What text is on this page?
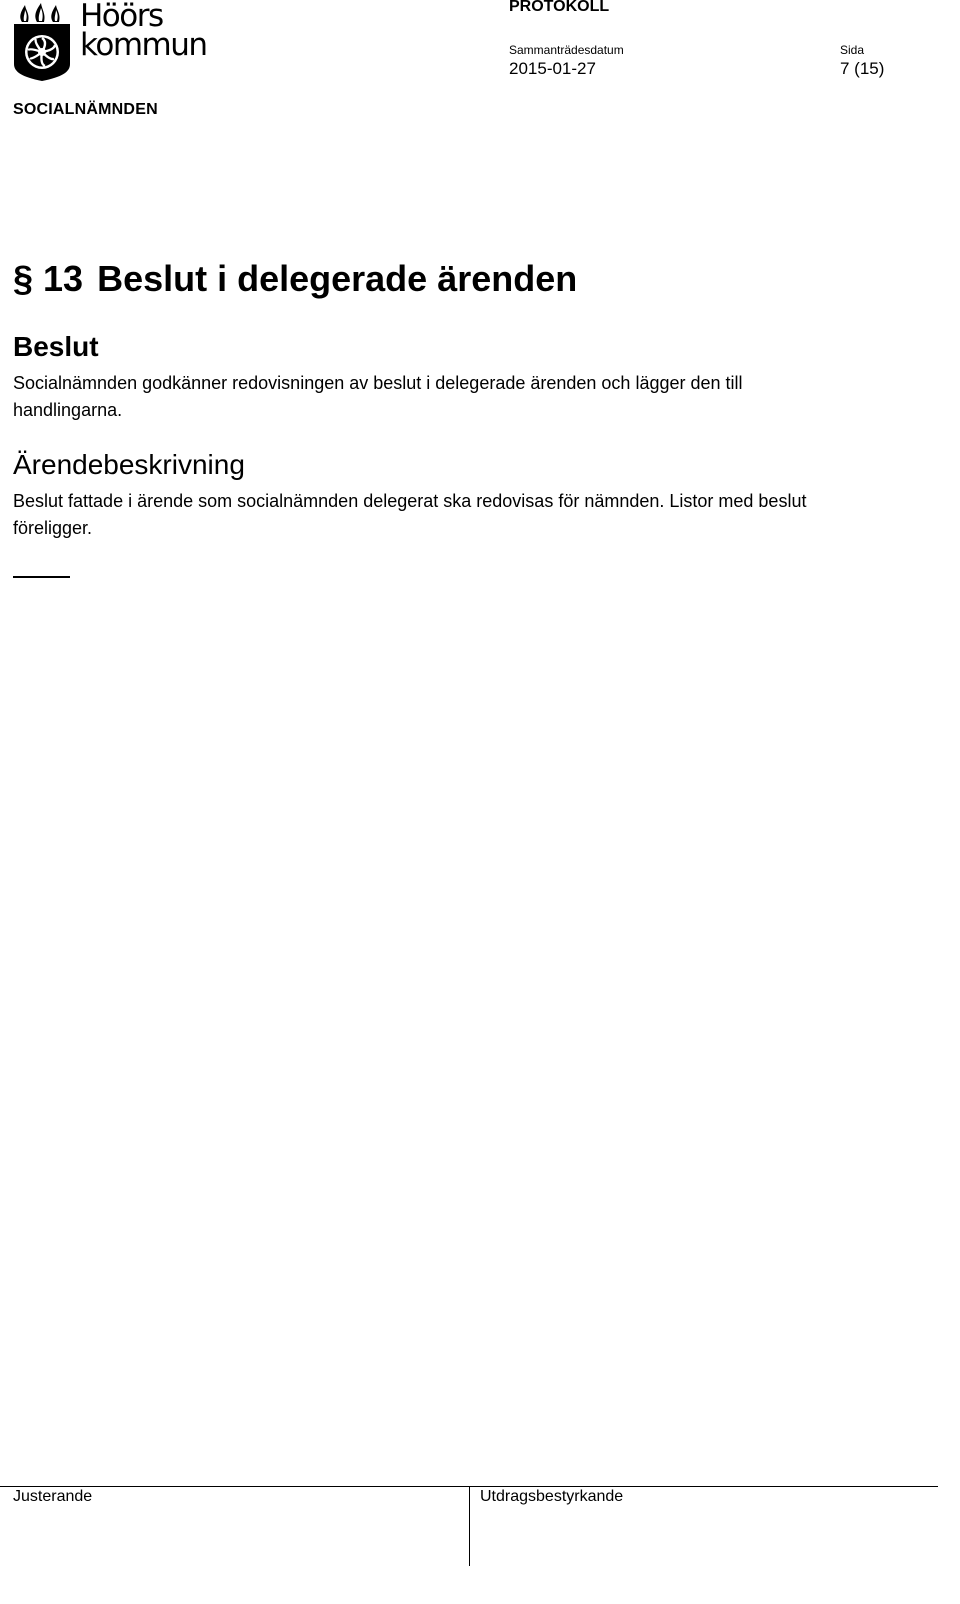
Höörs
kommun
SOCIALNÄMNDEN
PROTOKOLL
Sammanträdesdatum
2015-01-27
Sida
7 (15)
§ 13 Beslut i delegerade ärenden
Beslut
Socialnämnden godkänner redovisningen av beslut i delegerade ärenden och lägger den till handlingarna.
Ärendebeskrivning
Beslut fattade i ärende som socialnämnden delegerat ska redovisas för nämnden. Listor med beslut föreligger.
Justerande	Utdragsbestyrkande
